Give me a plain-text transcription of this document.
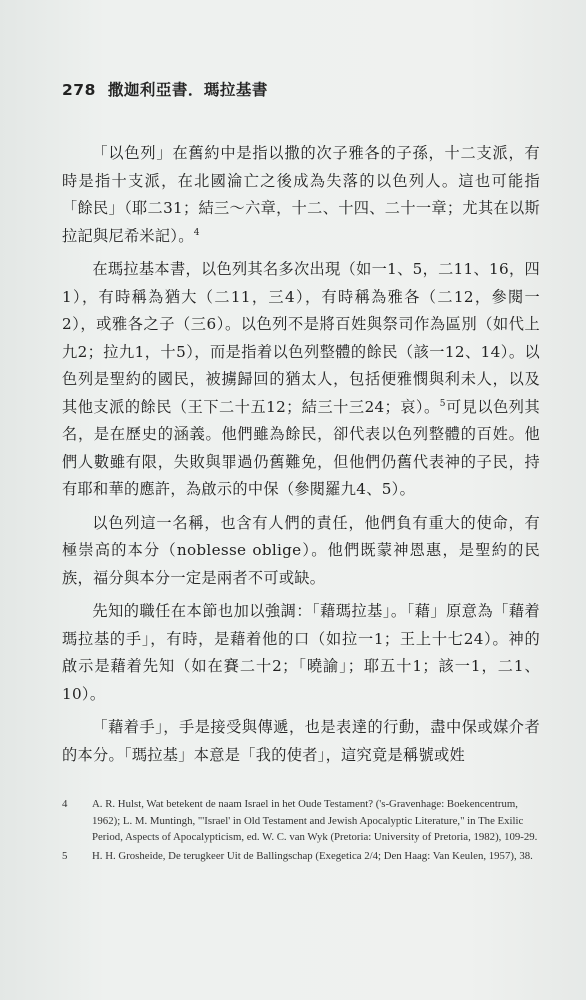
278 撒迦利亞書．瑪拉基書

「以色列」在舊約中是指以撒的次子雅各的子孫，十二支派，有時是指十支派，在北國淪亡之後成為失落的以色列人。這也可能指「餘民」（耶二31；結三～六章，十二、十四、二十一章；尤其在以斯拉記與尼希米記）。$^4$

在瑪拉基本書，以色列其名多次出現（如一1、5，二11、16，四1），有時稱為猶大（二11，三4），有時稱為雅各（二12，參閱一2），或雅各之子（三6）。以色列不是將百姓與祭司作為區別（如代上九2；拉九1，十5），而是指着以色列整體的餘民（該一12、14）。以色列是聖約的國民，被擄歸回的猶太人，包括便雅憫與利未人，以及其他支派的餘民（王下二十五12；結三十三24；哀）。$^5$可見以色列其名，是在歷史的涵義。他們雖為餘民，卻代表以色列整體的百姓。他們人數雖有限，失敗與罪過仍舊難免，但他們仍舊代表神的子民，持有耶和華的應許，為啟示的中保（參閱羅九4、5）。

以色列這一名稱，也含有人們的責任，他們負有重大的使命，有極崇高的本分（noblesse oblige）。他們既蒙神恩惠，是聖約的民族，福分與本分一定是兩者不可或缺。

先知的職任在本節也加以強調：「藉瑪拉基」。「藉」原意為「藉着瑪拉基的手」，有時，是藉着他的口（如拉一1；王上十七24）。神的啟示是藉着先知（如在賽二十2；「曉諭」；耶五十1；該一1，二1、10）。

「藉着手」，手是接受與傳遞，也是表達的行動，盡中保或媒介者的本分。「瑪拉基」本意是「我的使者」，這究竟是稱號或姓

4 A. R. Hulst, Wat betekent de naam Israel in het Oude Testament? ('s-Gravenhage: Boekencentrum, 1962); L. M. Muntingh, "'Israel' in Old Testament and Jewish Apocalyptic Literature," in The Exilic Period, Aspects of Apocalypticism, ed. W. C. van Wyk (Pretoria: University of Pretoria, 1982), 109-29.
5 H. H. Grosheide, De terugkeer Uit de Ballingschap (Exegetica 2/4; Den Haag: Van Keulen, 1957), 38.
